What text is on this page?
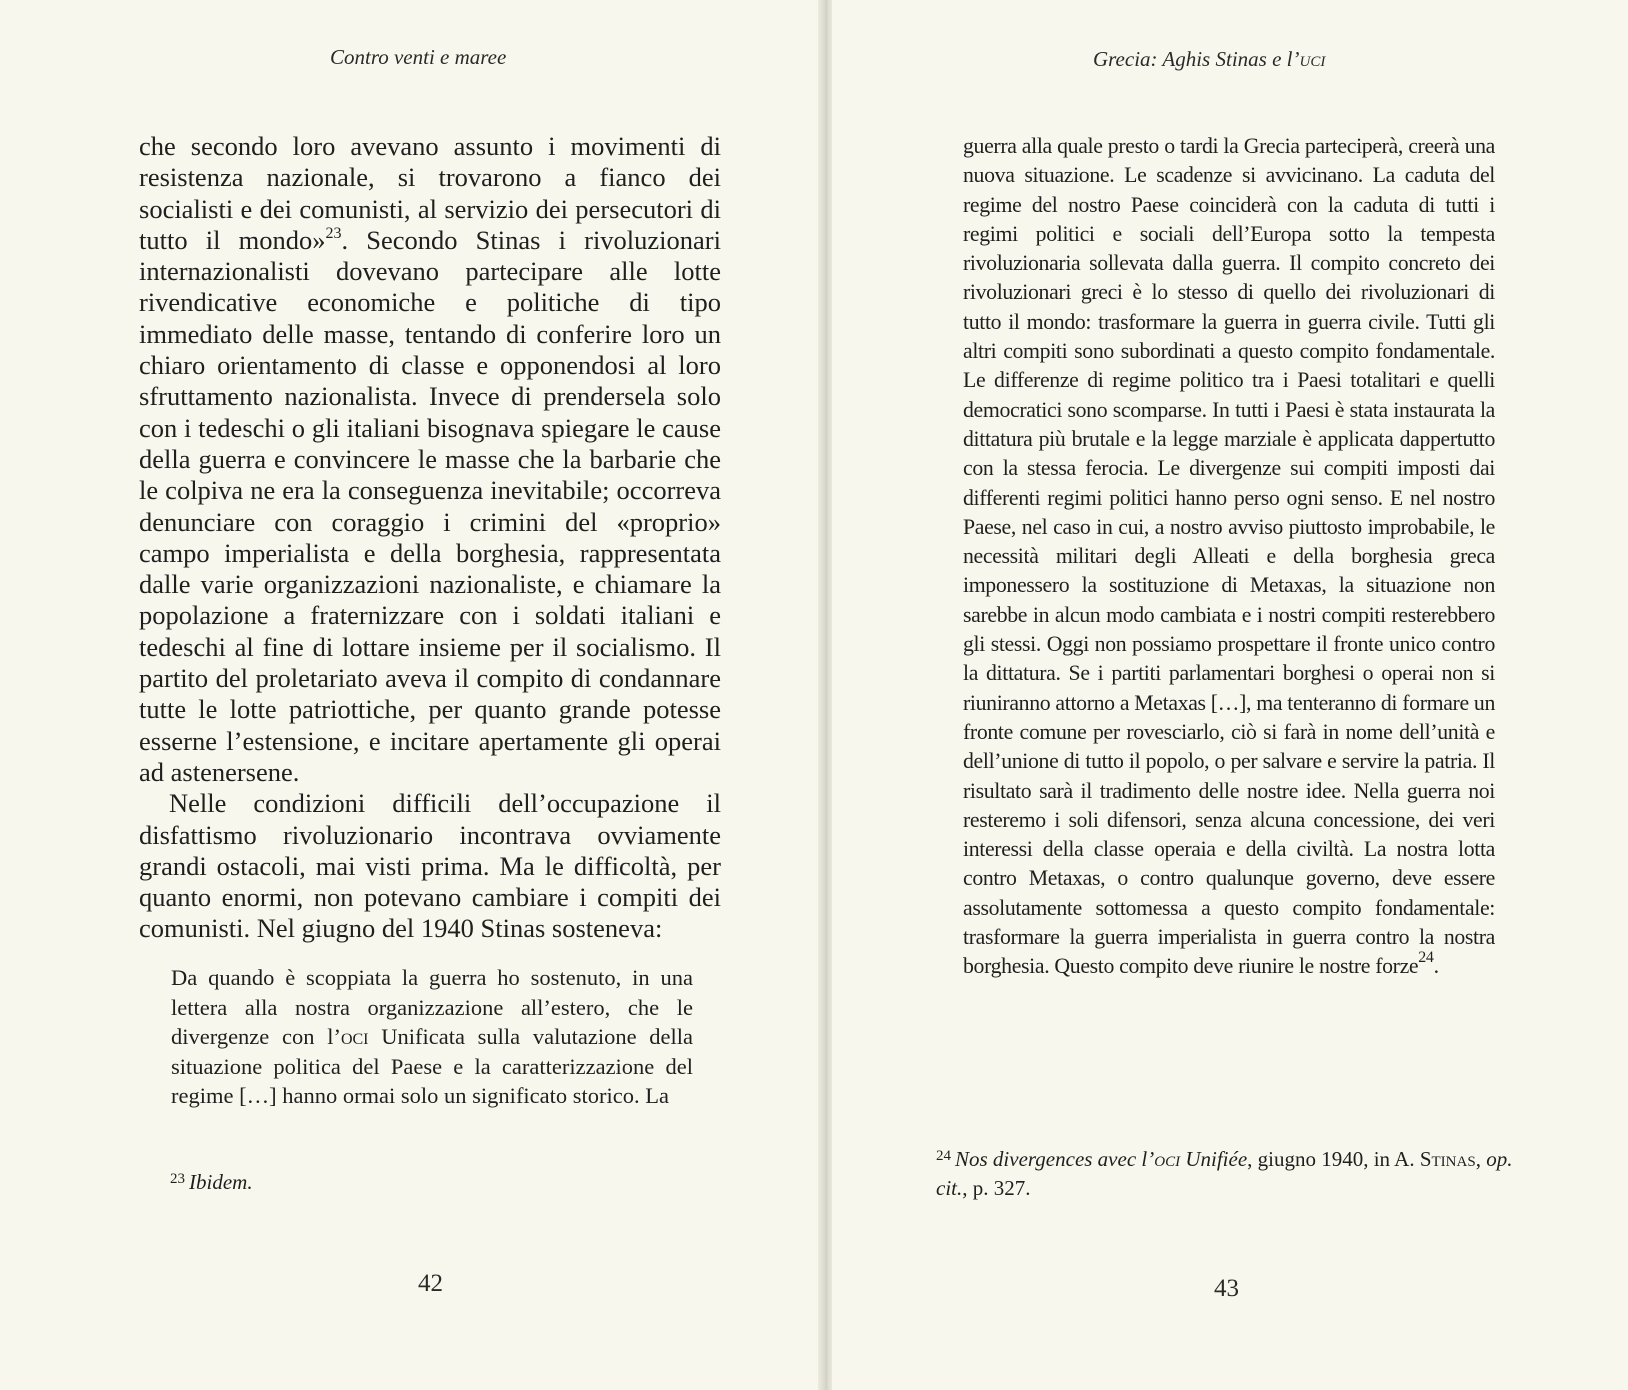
Contro venti e maree

che secondo loro avevano assunto i movimenti di resistenza nazionale, si trovarono a fianco dei socialisti e dei comunisti, al servizio dei persecutori di tutto il mondo»$^{23}$. Secondo Stinas i rivoluzionari internazionalisti dovevano partecipare alle lotte rivendicative economiche e politiche di tipo immediato delle masse, tentando di conferire loro un chiaro orientamento di classe e opponendosi al loro sfruttamento nazionalista. Invece di prendersela solo con i tedeschi o gli italiani bisognava spiegare le cause della guerra e convincere le masse che la barbarie che le colpiva ne era la conseguenza inevitabile; occorreva denunciare con coraggio i crimini del «proprio» campo imperialista e della borghesia, rappresentata dalle varie organizzazioni nazionaliste, e chiamare la popolazione a fraternizzare con i soldati italiani e tedeschi al fine di lottare insieme per il socialismo. Il partito del proletariato aveva il compito di condannare tutte le lotte patriottiche, per quanto grande potesse esserne l’estensione, e incitare apertamente gli operai ad astenersene.

Nelle condizioni difficili dell’occupazione il disfattismo rivoluzionario incontrava ovviamente grandi ostacoli, mai visti prima. Ma le difficoltà, per quanto enormi, non potevano cambiare i compiti dei comunisti. Nel giugno del 1940 Stinas sosteneva:

Da quando è scoppiata la guerra ho sostenuto, in una lettera alla nostra organizzazione all’estero, che le divergenze con l’oci Unificata sulla valutazione della situazione politica del Paese e la caratterizzazione del regime […] hanno ormai solo un significato storico. La
$^{23}$ Ibidem.
42
Grecia: Aghis Stinas e l’uci
guerra alla quale presto o tardi la Grecia parteciperà, creerà una nuova situazione. Le scadenze si avvicinano. La caduta del regime del nostro Paese coinciderà con la caduta di tutti i regimi politici e sociali dell’Europa sotto la tempesta rivoluzionaria sollevata dalla guerra. Il compito concreto dei rivoluzionari greci è lo stesso di quello dei rivoluzionari di tutto il mondo: trasformare la guerra in guerra civile. Tutti gli altri compiti sono subordinati a questo compito fondamentale. Le differenze di regime politico tra i Paesi totalitari e quelli democratici sono scomparse. In tutti i Paesi è stata instaurata la dittatura più brutale e la legge marziale è applicata dappertutto con la stessa ferocia. Le divergenze sui compiti imposti dai differenti regimi politici hanno perso ogni senso. E nel nostro Paese, nel caso in cui, a nostro avviso piuttosto improbabile, le necessità militari degli Alleati e della borghesia greca imponessero la sostituzione di Metaxas, la situazione non sarebbe in alcun modo cambiata e i nostri compiti resterebbero gli stessi. Oggi non possiamo prospettare il fronte unico contro la dittatura. Se i partiti parlamentari borghesi o operai non si riuniranno attorno a Metaxas […], ma tenteranno di formare un fronte comune per rovesciarlo, ciò si farà in nome dell’unità e dell’unione di tutto il popolo, o per salvare e servire la patria. Il risultato sarà il tradimento delle nostre idee. Nella guerra noi resteremo i soli difensori, senza alcuna concessione, dei veri interessi della classe operaia e della civiltà. La nostra lotta contro Metaxas, o contro qualunque governo, deve essere assolutamente sottomessa a questo compito fondamentale: trasformare la guerra imperialista in guerra contro la nostra borghesia. Questo compito deve riunire le nostre forze$^{24}$.
$^{24}$ Nos divergences avec l’oci Unifiée, giugno 1940, in A. Stinas, op. cit., p. 327.
43
